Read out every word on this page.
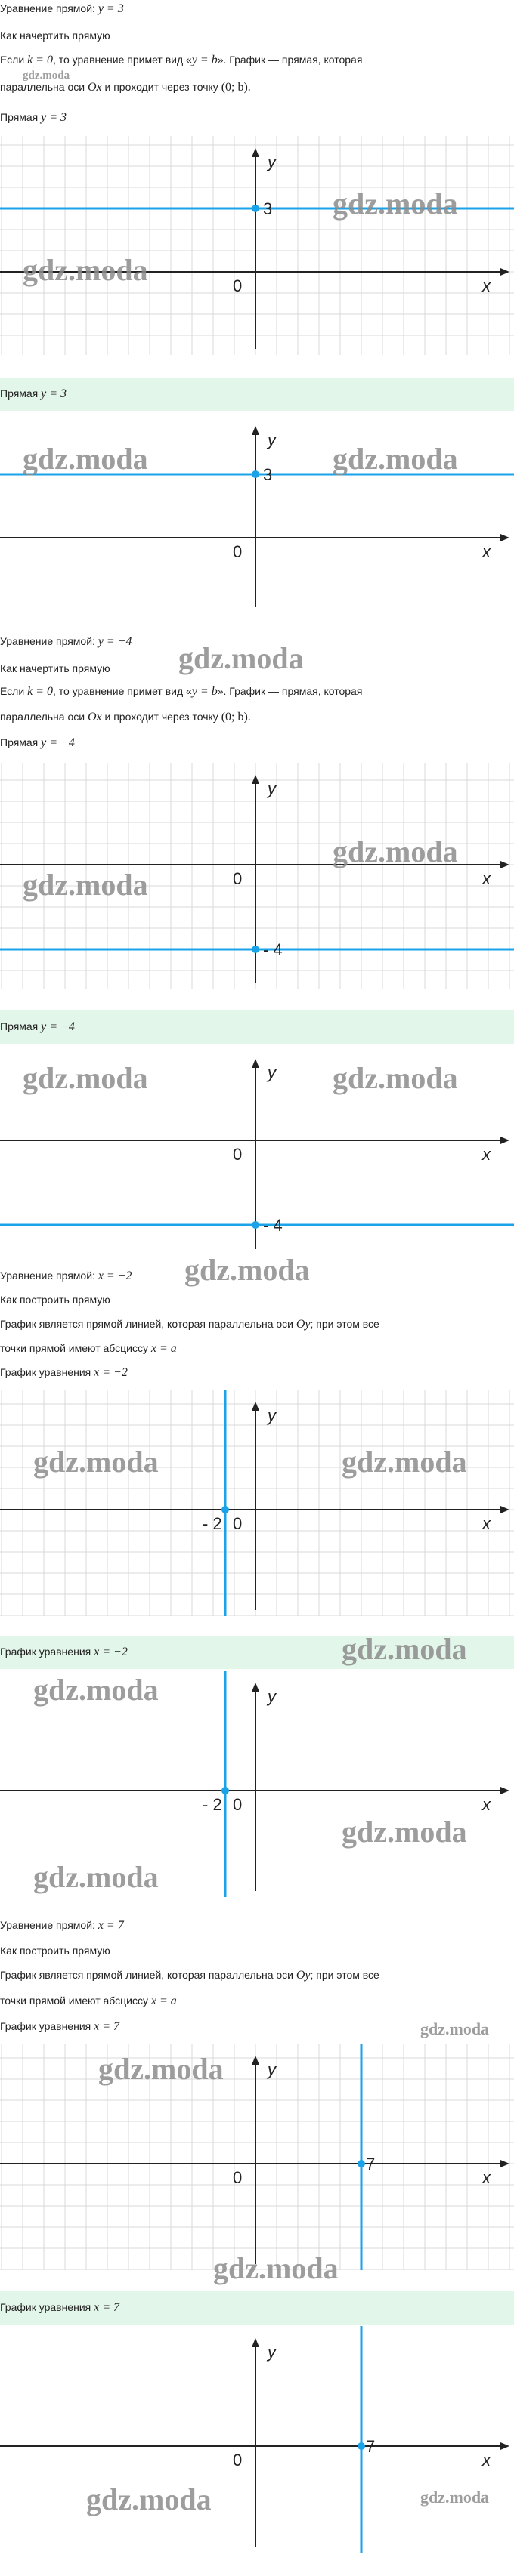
Уравнение прямой: y = 3
Как начертить прямую
Если k = 0, то уравнение примет вид «y = b». График — прямая, которая
параллельна оси Ox и проходит через точку (0; b).
gdz.moda
Прямая y = 3
x
y
0
3
gdz.moda
gdz.moda
Прямая y = 3
x
y
0
3
gdz.moda	gdz.moda
Уравнение прямой: y = −4 gdz.moda
Как начертить прямую
Если k = 0, то уравнение примет вид «y = b». График — прямая, которая
параллельна оси Ox и проходит через точку (0; b).
Прямая y = −4
x
y
0
- 4
gdz.moda
gdz.moda
Прямая y = −4
x
y
0
- 4
gdz.moda	gdz.moda
Уравнение прямой: x = −2 gdz.moda
Как построить прямую
График является прямой линией, которая параллельна оси Oy; при этом все
точки прямой имеют абсциссу x = a
График уравнения x = −2
x
y
0
- 2
gdz.moda	gdz.moda
График уравнения x = −2	gdz.moda
x
y
0
- 2
gdz.moda
gdz.moda
gdz.moda
Уравнение прямой: x = 7
Как построить прямую
График является прямой линией, которая параллельна оси Oy; при этом все
точки прямой имеют абсциссу x = a
График уравнения x = 7	gdz.moda
x
y
0
7
gdz.moda
gdz.moda
График уравнения x = 7
x
y
0
7
gdz.moda	gdz.moda
